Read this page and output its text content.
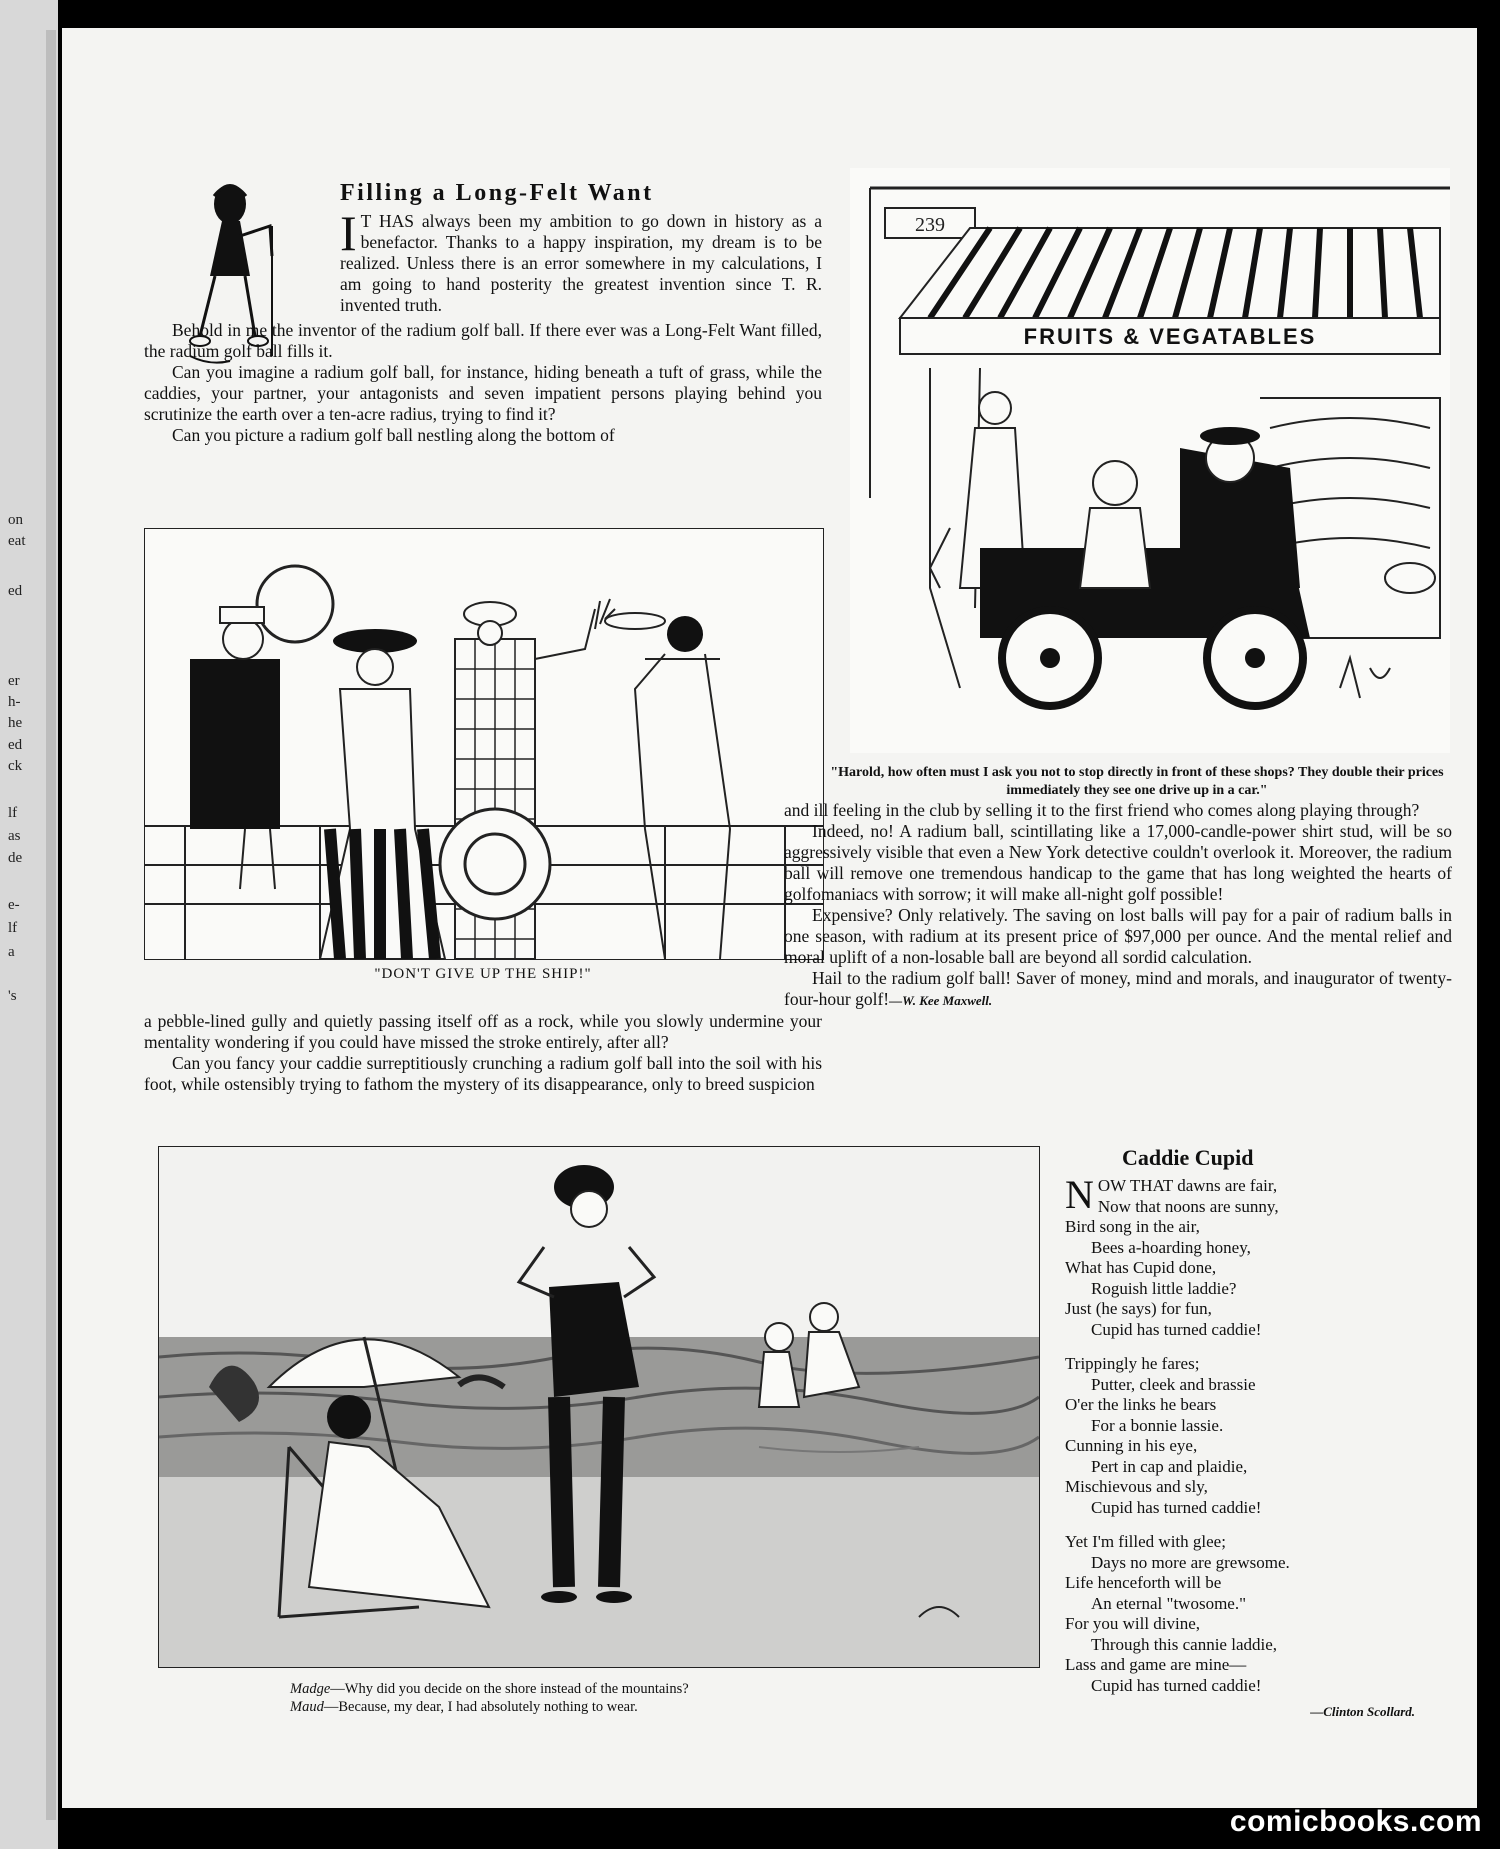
on
eat
ed
er
h-
he
ed
ck
lf
as
de
e-
lf
a
's
Filling a Long-Felt Want

I T HAS always been my ambition to go down in history as a benefactor. Thanks to a happy inspiration, my dream is to be realized. Unless there is an error somewhere in my calculations, I am going to hand posterity the greatest invention since T. R. invented truth.

Behold in me the inventor of the radium golf ball. If there ever was a Long-Felt Want filled, the radium golf ball fills it.

Can you imagine a radium golf ball, for instance, hiding beneath a tuft of grass, while the caddies, your partner, your antagonists and seven impatient persons playing behind you scrutinize the earth over a ten-acre radius, trying to find it?

Can you picture a radium golf ball nestling along the bottom of

"DON'T GIVE UP THE SHIP!"

a pebble-lined gully and quietly passing itself off as a rock, while you slowly undermine your mentality wondering if you could have missed the stroke entirely, after all?

Can you fancy your caddie surreptitiously crunching a radium golf ball into the soil with his foot, while ostensibly trying to fathom the mystery of its disappearance, only to breed suspicion

239
FRUITS & VEGATABLES
"Harold, how often must I ask you not to stop directly in front of these shops? They double their prices immediately they see one drive up in a car."

and ill feeling in the club by selling it to the first friend who comes along playing through?

Indeed, no! A radium ball, scintillating like a 17,000-candle-power shirt stud, will be so aggressively visible that even a New York detective couldn't overlook it. Moreover, the radium ball will remove one tremendous handicap to the game that has long weighted the hearts of golfomaniacs with sorrow; it will make all-night golf possible!

Expensive? Only relatively. The saving on lost balls will pay for a pair of radium balls in one season, with radium at its present price of $97,000 per ounce. And the mental relief and moral uplift of a non-losable ball are beyond all sordid calculation.

Hail to the radium golf ball! Saver of money, mind and morals, and inaugurator of twenty-four-hour golf!—W. Kee Maxwell.

Madge—Why did you decide on the shore instead of the mountains?
Maud—Because, my dear, I had absolutely nothing to wear.
Caddie Cupid
NOW THAT dawns are fair,
Now that noons are sunny,
Bird song in the air,
Bees a-hoarding honey,
What has Cupid done,
Roguish little laddie?
Just (he says) for fun,
Cupid has turned caddie!
Trippingly he fares;
Putter, cleek and brassie
O'er the links he bears
For a bonnie lassie.
Cunning in his eye,
Pert in cap and plaidie,
Mischievous and sly,
Cupid has turned caddie!
Yet I'm filled with glee;
Days no more are grewsome.
Life henceforth will be
An eternal "twosome."
For you will divine,
Through this cannie laddie,
Lass and game are mine—
Cupid has turned caddie!
—Clinton Scollard.
comicbooks.com
